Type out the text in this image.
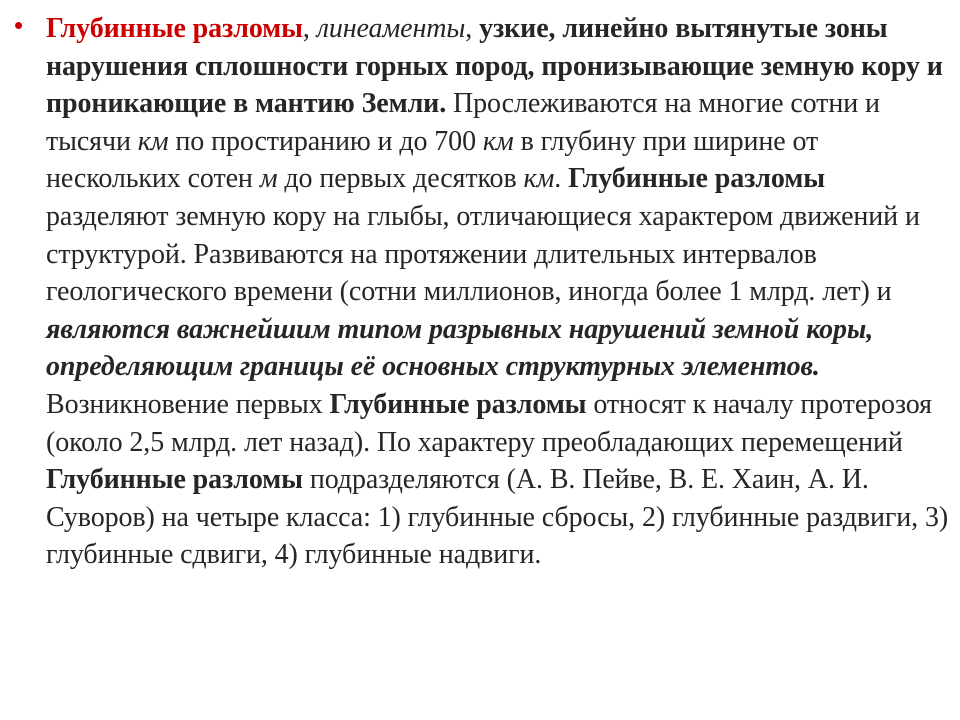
• Глубинные разломы, линеаменты, узкие, линейно вытянутые зоны нарушения сплошности горных пород, пронизывающие земную кору и проникающие в мантию Земли. Прослеживаются на многие сотни и тысячи км по простиранию и до 700 км в глубину при ширине от нескольких сотен м до первых десятков км. Глубинные разломы разделяют земную кору на глыбы, отличающиеся характером движений и структурой. Развиваются на протяжении длительных интервалов геологического времени (сотни миллионов, иногда более 1 млрд. лет) и являются важнейшим типом разрывных нарушений земной коры, определяющим границы её основных структурных элементов. Возникновение первых Глубинные разломы относят к началу протерозоя (около 2,5 млрд. лет назад). По характеру преобладающих перемещений Глубинные разломы подразделяются (А. В. Пейве, В. Е. Хаин, А. И. Суворов) на четыре класса: 1) глубинные сбросы, 2) глубинные раздвиги, 3) глубинные сдвиги, 4) глубинные надвиги.
